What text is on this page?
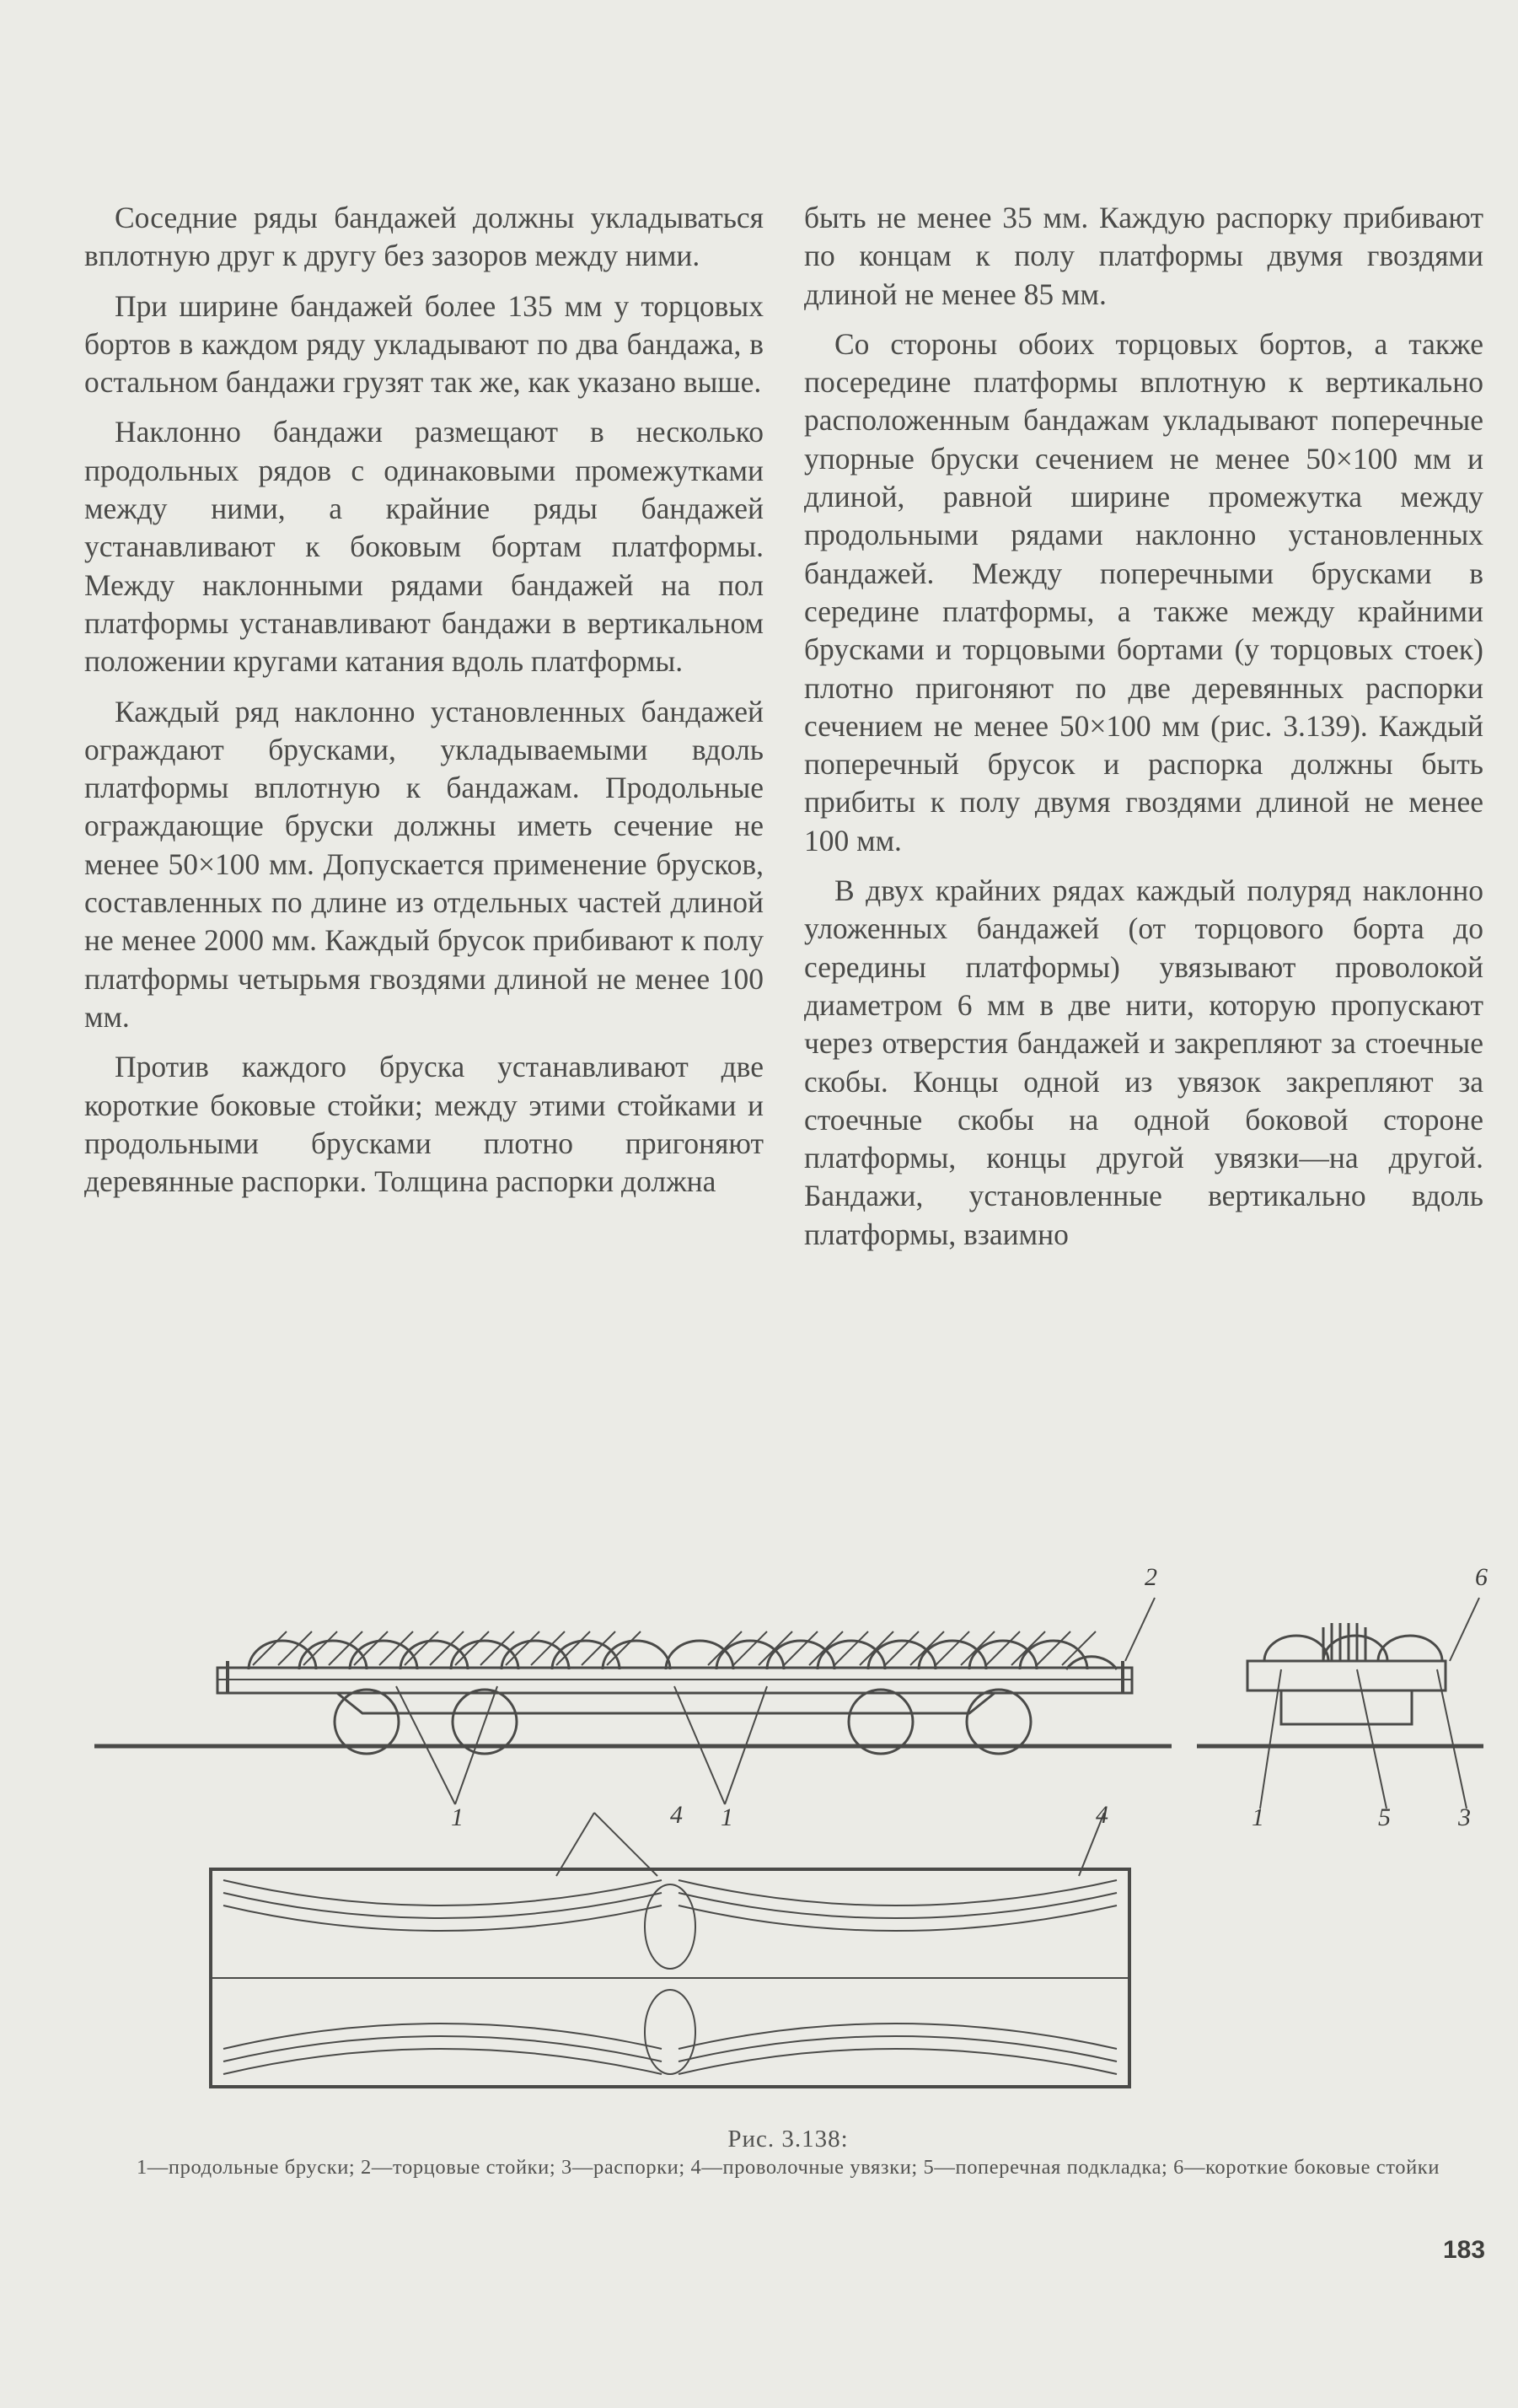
Соседние ряды бандажей должны укладываться вплотную друг к другу без зазоров между ними.

При ширине бандажей более 135 мм у торцовых бортов в каждом ряду укладывают по два бандажа, в остальном бандажи грузят так же, как указано выше.

Наклонно бандажи размещают в несколько продольных рядов с одинаковыми промежутками между ними, а крайние ряды бандажей устанавливают к боковым бортам платформы. Между наклонными рядами бандажей на пол платформы устанавливают бандажи в вертикальном положении кругами катания вдоль платформы.

Каждый ряд наклонно установленных бандажей ограждают брусками, укладываемыми вдоль платформы вплотную к бандажам. Продольные ограждающие бруски должны иметь сечение не менее 50×100 мм. Допускается применение брусков, составленных по длине из отдельных частей длиной не менее 2000 мм. Каждый брусок прибивают к полу платформы четырьмя гвоздями длиной не менее 100 мм.

Против каждого бруска устанавливают две короткие боковые стойки; между этими стойками и продольными брусками плотно пригоняют деревянные распорки. Толщина распорки должна

быть не менее 35 мм. Каждую распорку прибивают по концам к полу платформы двумя гвоздями длиной не менее 85 мм.

Со стороны обоих торцовых бортов, а также посередине платформы вплотную к вертикально расположенным бандажам укладывают поперечные упорные бруски сечением не менее 50×100 мм и длиной, равной ширине промежутка между продольными рядами наклонно установленных бандажей. Между поперечными брусками в середине платформы, а также между крайними брусками и торцовыми бортами (у торцовых стоек) плотно пригоняют по две деревянных распорки сечением не менее 50×100 мм (рис. 3.139). Каждый поперечный брусок и распорка должны быть прибиты к полу двумя гвоздями длиной не менее 100 мм.

В двух крайних рядах каждый полуряд наклонно уложенных бандажей (от торцового борта до середины платформы) увязывают проволокой диаметром 6 мм в две нити, которую пропускают через отверстия бандажей и закрепляют за стоечные скобы. Концы одной из увязок закрепляют за стоечные скобы на одной боковой стороне платформы, концы другой увязки—на другой. Бандажи, установленные вертикально вдоль платформы, взаимно

2
1	1
4	4
6
1	5	3
Рис. 3.138:
1—продольные бруски; 2—торцовые стойки; 3—распорки; 4—проволочные увязки; 5—поперечная подкладка; 6—короткие боковые стойки
183
